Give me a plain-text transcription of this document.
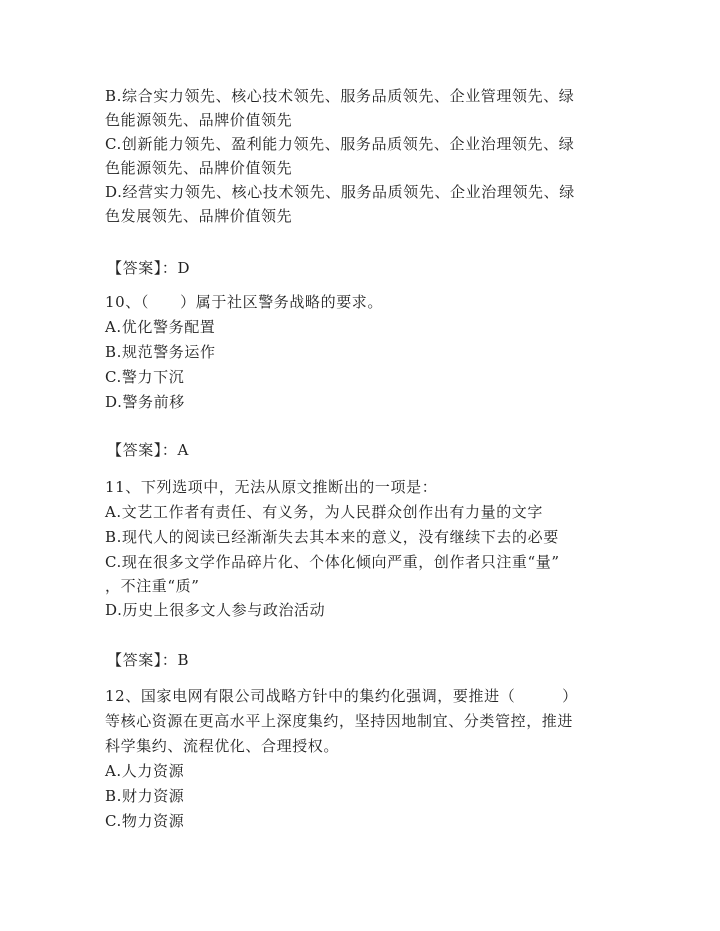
B.综合实力领先、核心技术领先、服务品质领先、企业管理领先、绿
色能源领先、品牌价值领先
C.创新能力领先、盈利能力领先、服务品质领先、企业治理领先、绿
色能源领先、品牌价值领先
D.经营实力领先、核心技术领先、服务品质领先、企业治理领先、绿
色发展领先、品牌价值领先
【答案】：D
10、（　　）属于社区警务战略的要求。
A.优化警务配置
B.规范警务运作
C.警力下沉
D.警务前移
【答案】：A
11、下列选项中，无法从原文推断出的一项是：
A.文艺工作者有责任、有义务，为人民群众创作出有力量的文字
B.现代人的阅读已经渐渐失去其本来的意义，没有继续下去的必要
C.现在很多文学作品碎片化、个体化倾向严重，创作者只注重“量”
，不注重“质”
D.历史上很多文人参与政治活动
【答案】：B
12、国家电网有限公司战略方针中的集约化强调，要推进（　　　）
等核心资源在更高水平上深度集约，坚持因地制宜、分类管控，推进
科学集约、流程优化、合理授权。
A.人力资源
B.财力资源
C.物力资源
